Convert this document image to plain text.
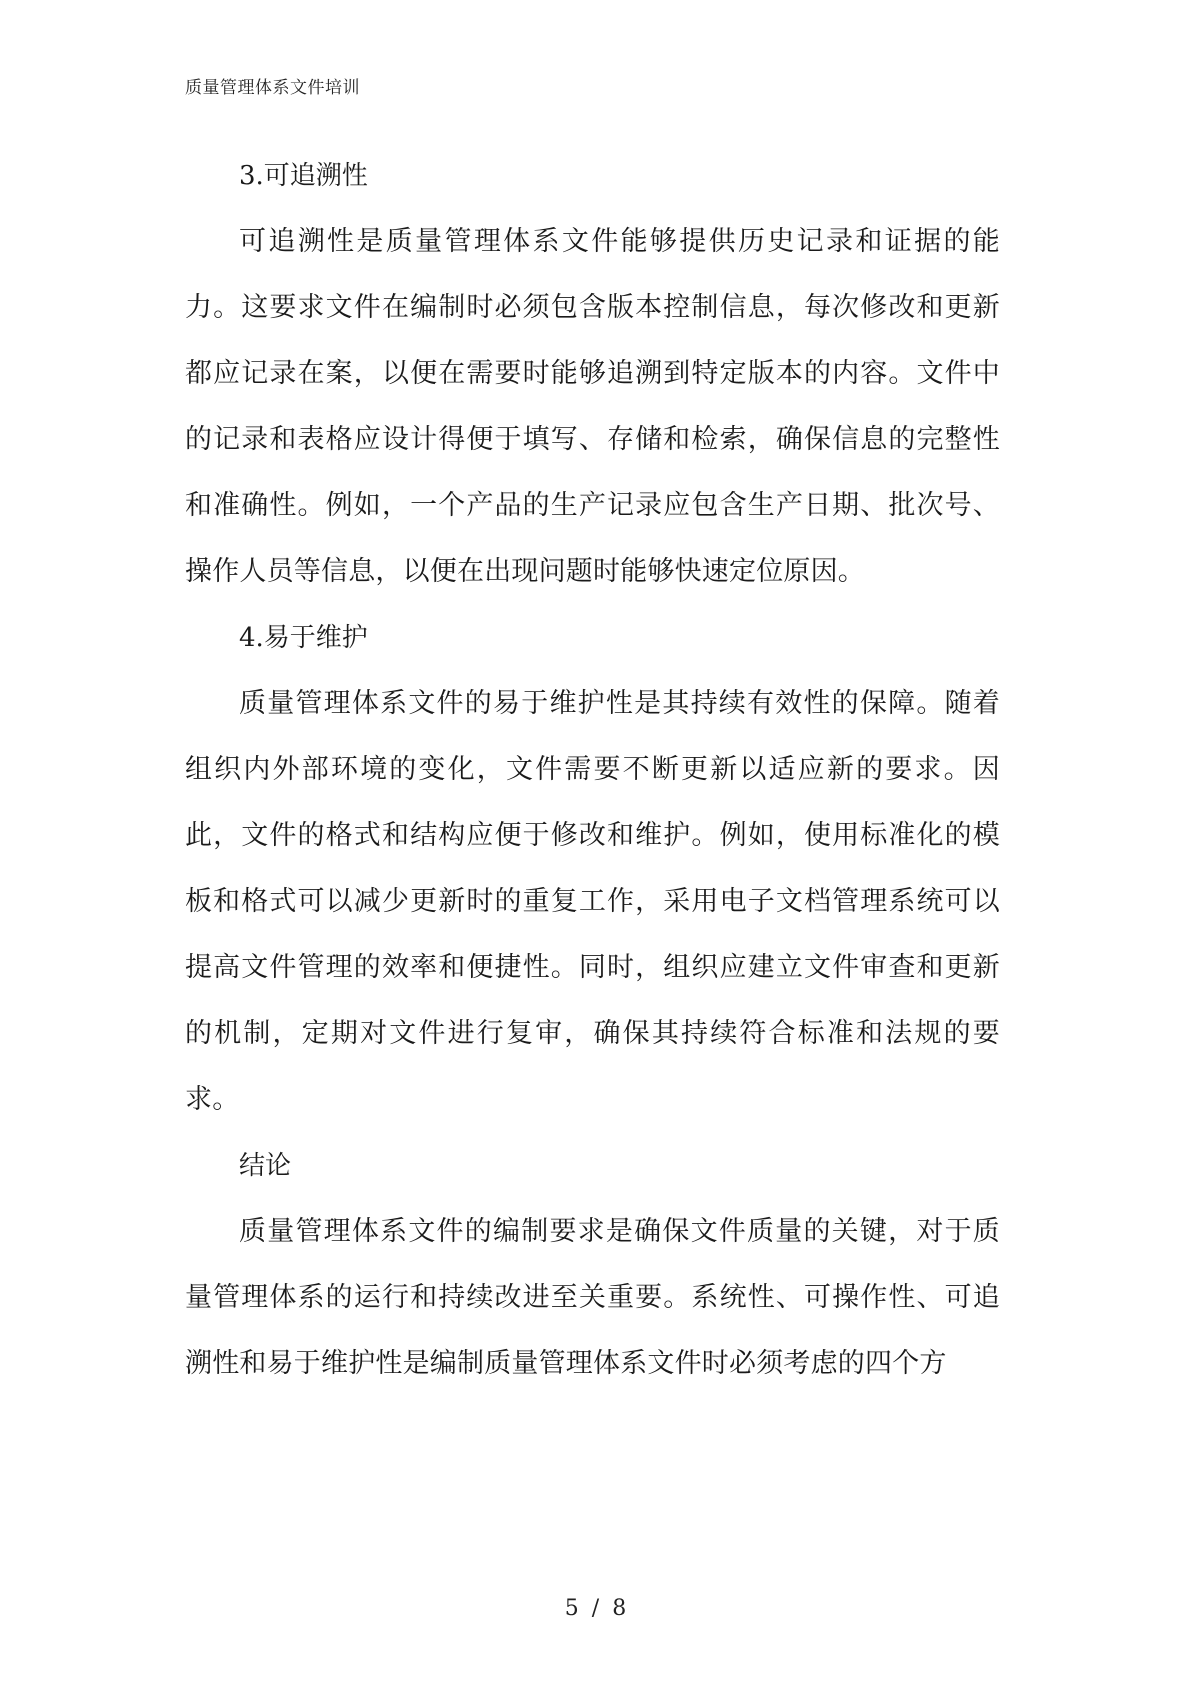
质量管理体系文件培训
3.可追溯性

可追溯性是质量管理体系文件能够提供历史记录和证据的能力。这要求文件在编制时必须包含版本控制信息，每次修改和更新都应记录在案，以便在需要时能够追溯到特定版本的内容。文件中的记录和表格应设计得便于填写、存储和检索，确保信息的完整性和准确性。例如，一个产品的生产记录应包含生产日期、批次号、操作人员等信息，以便在出现问题时能够快速定位原因。

4.易于维护

质量管理体系文件的易于维护性是其持续有效性的保障。随着组织内外部环境的变化，文件需要不断更新以适应新的要求。因此，文件的格式和结构应便于修改和维护。例如，使用标准化的模板和格式可以减少更新时的重复工作，采用电子文档管理系统可以提高文件管理的效率和便捷性。同时，组织应建立文件审查和更新的机制，定期对文件进行复审，确保其持续符合标准和法规的要求。

结论

质量管理体系文件的编制要求是确保文件质量的关键，对于质量管理体系的运行和持续改进至关重要。系统性、可操作性、可追溯性和易于维护性是编制质量管理体系文件时必须考虑的四个方

5 / 8
